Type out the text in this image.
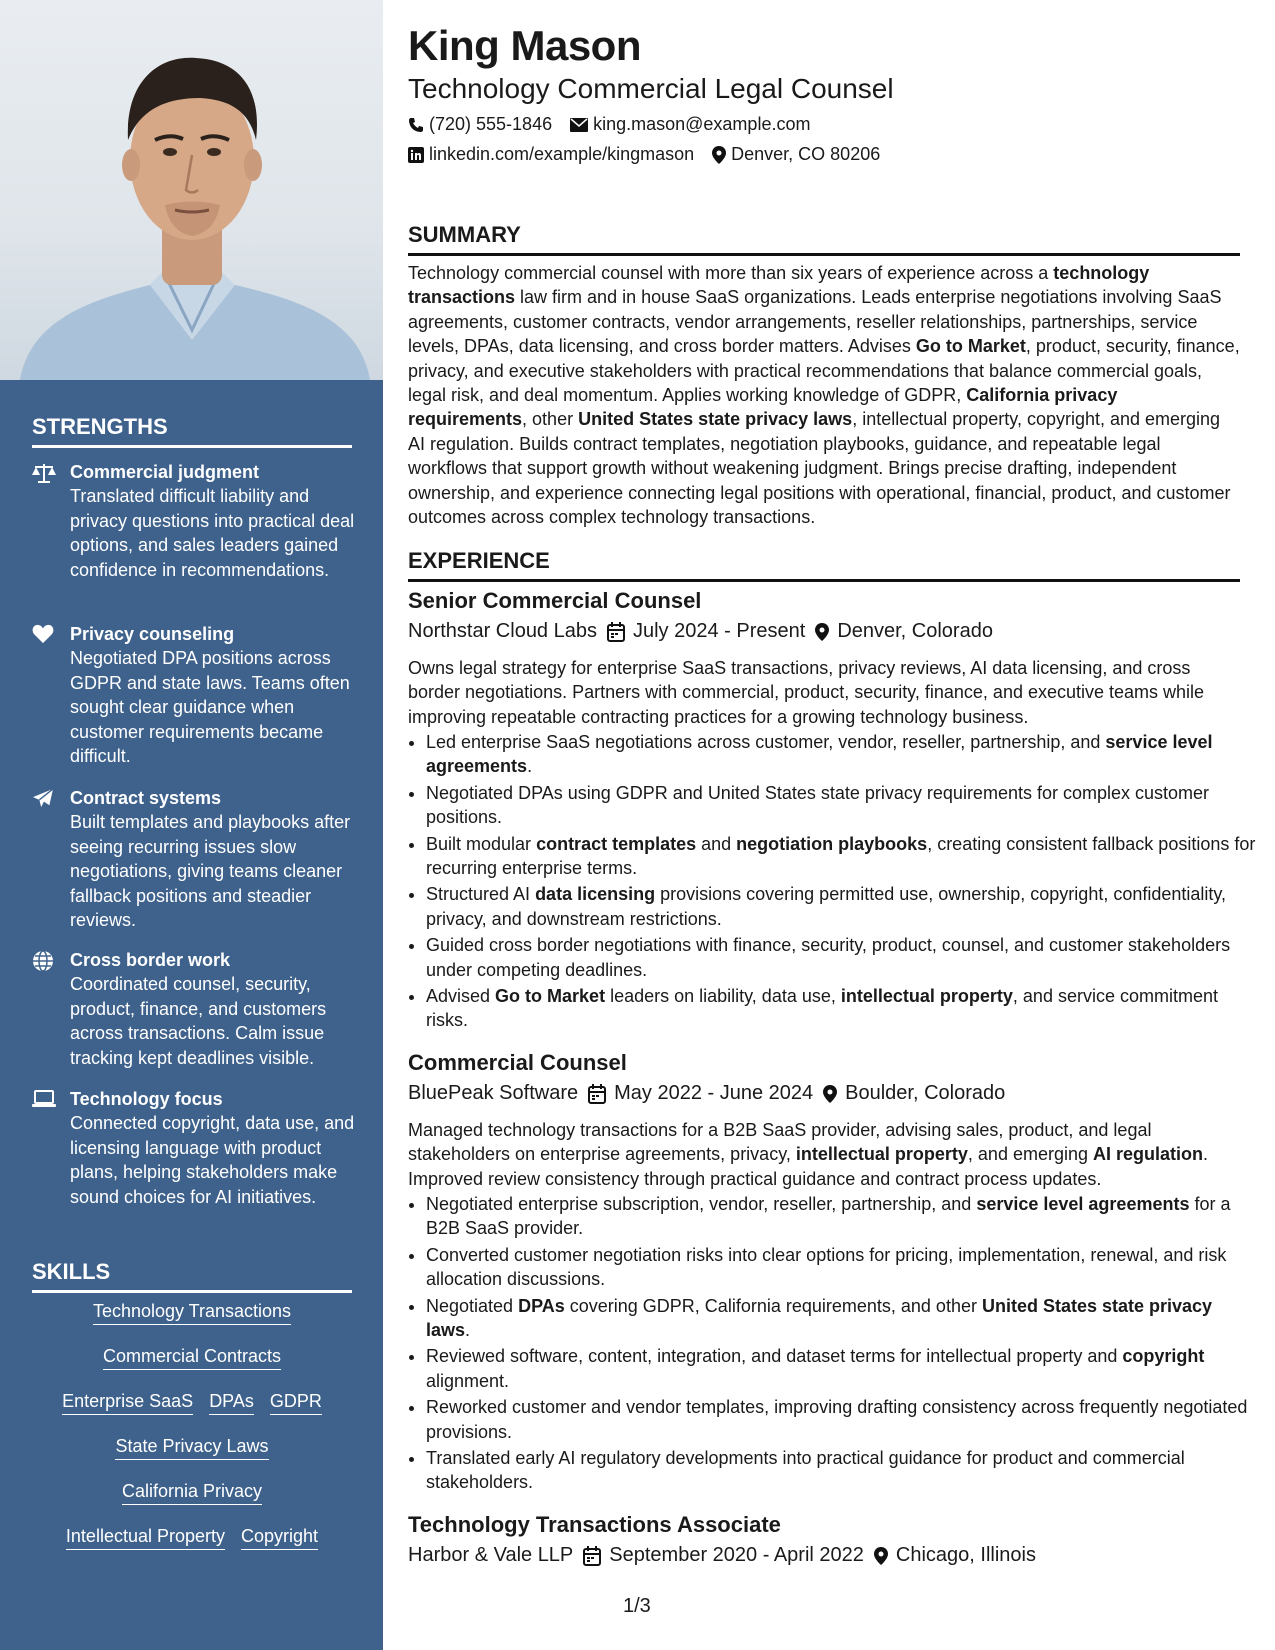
STRENGTHS
Commercial judgment
Translated difficult liability and privacy questions into practical deal options, and sales leaders gained confidence in recommendations.
Privacy counseling
Negotiated DPA positions across GDPR and state laws. Teams often sought clear guidance when customer requirements became difficult.
Contract systems
Built templates and playbooks after seeing recurring issues slow negotiations, giving teams cleaner fallback positions and steadier reviews.
Cross border work
Coordinated counsel, security, product, finance, and customers across transactions. Calm issue tracking kept deadlines visible.
Technology focus
Connected copyright, data use, and licensing language with product plans, helping stakeholders make sound choices for AI initiatives.
SKILLS
Technology Transactions
Commercial Contracts
Enterprise SaaS DPAs GDPR
State Privacy Laws
California Privacy
Intellectual Property Copyright
King Mason
Technology Commercial Legal Counsel
(720) 555-1846 king.mason@example.com
linkedin.com/example/kingmason Denver, CO 80206
SUMMARY
Technology commercial counsel with more than six years of experience across a technology transactions law firm and in house SaaS organizations. Leads enterprise negotiations involving SaaS agreements, customer contracts, vendor arrangements, reseller relationships, partnerships, service levels, DPAs, data licensing, and cross border matters. Advises Go to Market, product, security, finance, privacy, and executive stakeholders with practical recommendations that balance commercial goals, legal risk, and deal momentum. Applies working knowledge of GDPR, California privacy requirements, other United States state privacy laws, intellectual property, copyright, and emerging AI regulation. Builds contract templates, negotiation playbooks, guidance, and repeatable legal workflows that support growth without weakening judgment. Brings precise drafting, independent ownership, and experience connecting legal positions with operational, financial, product, and customer outcomes across complex technology transactions.
EXPERIENCE
Senior Commercial Counsel
Northstar Cloud Labs July 2024 - Present Denver, Colorado
Owns legal strategy for enterprise SaaS transactions, privacy reviews, AI data licensing, and cross border negotiations. Partners with commercial, product, security, finance, and executive teams while improving repeatable contracting practices for a growing technology business.
• Led enterprise SaaS negotiations across customer, vendor, reseller, partnership, and service level agreements.
• Negotiated DPAs using GDPR and United States state privacy requirements for complex customer positions.
• Built modular contract templates and negotiation playbooks, creating consistent fallback positions for recurring enterprise terms.
• Structured AI data licensing provisions covering permitted use, ownership, copyright, confidentiality, privacy, and downstream restrictions.
• Guided cross border negotiations with finance, security, product, counsel, and customer stakeholders under competing deadlines.
• Advised Go to Market leaders on liability, data use, intellectual property, and service commitment risks.
Commercial Counsel
BluePeak Software May 2022 - June 2024 Boulder, Colorado
Managed technology transactions for a B2B SaaS provider, advising sales, product, and legal stakeholders on enterprise agreements, privacy, intellectual property, and emerging AI regulation. Improved review consistency through practical guidance and contract process updates.
• Negotiated enterprise subscription, vendor, reseller, partnership, and service level agreements for a B2B SaaS provider.
• Converted customer negotiation risks into clear options for pricing, implementation, renewal, and risk allocation discussions.
• Negotiated DPAs covering GDPR, California requirements, and other United States state privacy laws.
• Reviewed software, content, integration, and dataset terms for intellectual property and copyright alignment.
• Reworked customer and vendor templates, improving drafting consistency across frequently negotiated provisions.
• Translated early AI regulatory developments into practical guidance for product and commercial stakeholders.
Technology Transactions Associate
Harbor & Vale LLP September 2020 - April 2022 Chicago, Illinois
1/3
